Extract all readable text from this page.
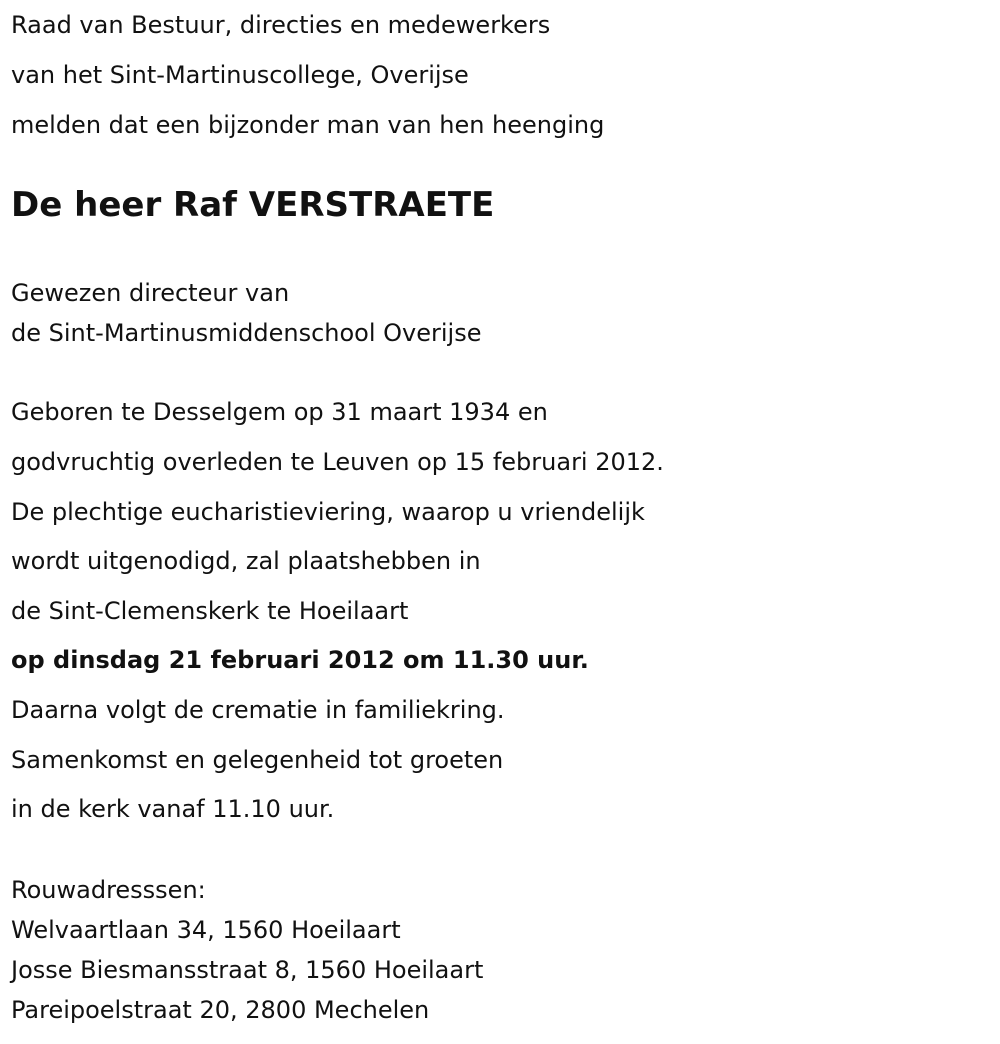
Raad van Bestuur, directies en medewerkers
van het Sint-Martinuscollege, Overijse
melden dat een bijzonder man van hen heenging
De heer Raf VERSTRAETE
Gewezen directeur van
de Sint-Martinusmiddenschool Overijse
Geboren te Desselgem op 31 maart 1934 en
godvruchtig overleden te Leuven op 15 februari 2012.
De plechtige eucharistieviering, waarop u vriendelijk
wordt uitgenodigd, zal plaatshebben in
de Sint-Clemenskerk te Hoeilaart
op dinsdag 21 februari 2012 om 11.30 uur.
Daarna volgt de crematie in familiekring.
Samenkomst en gelegenheid tot groeten
in de kerk vanaf 11.10 uur.
Rouwadresssen:
Welvaartlaan 34, 1560 Hoeilaart
Josse Biesmansstraat 8, 1560 Hoeilaart
Pareipoelstraat 20, 2800 Mechelen
